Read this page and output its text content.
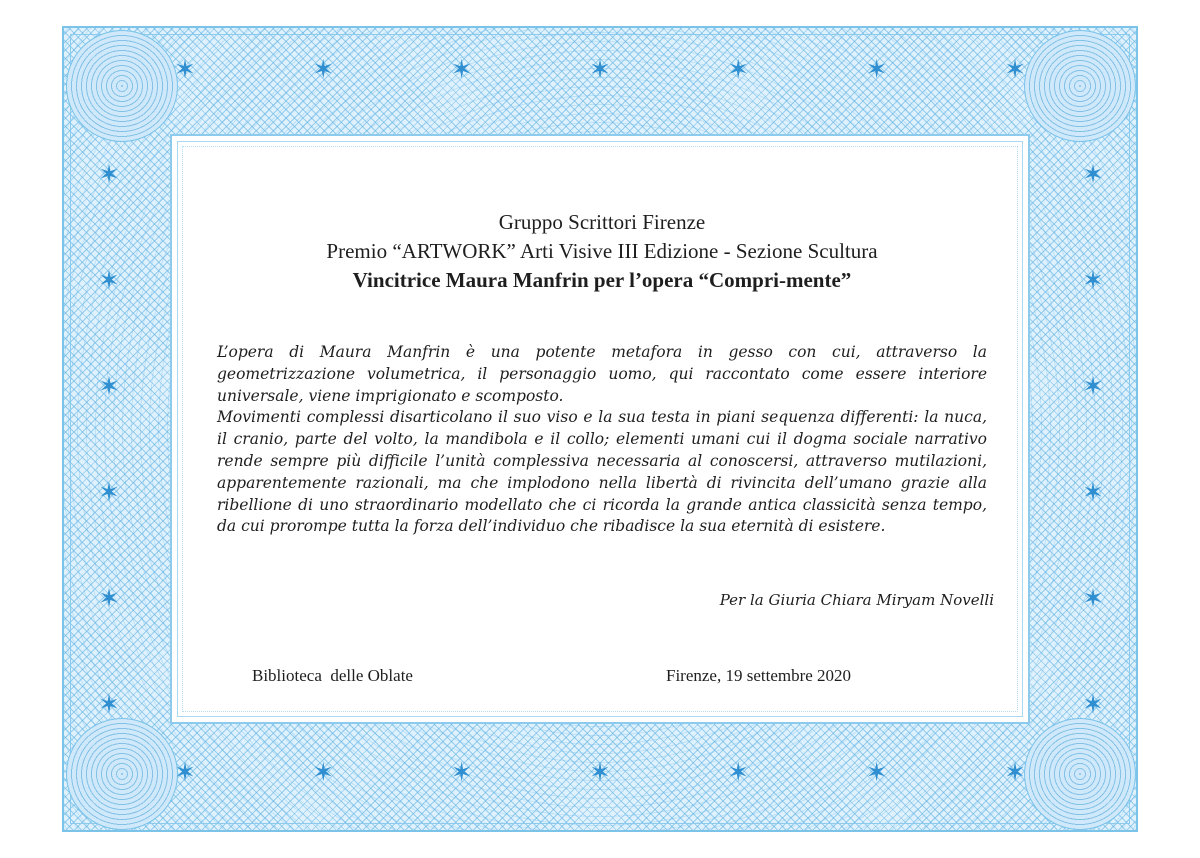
✶	✶	✶	✶	✶	✶	✶
✶	✶	✶	✶	✶	✶	✶
✶
✶
✶
✶
✶
✶
✶
✶
✶
✶
✶
✶
Gruppo Scrittori Firenze
Premio “ARTWORK” Arti Visive III Edizione - Sezione Scultura
Vincitrice Maura Manfrin per l’opera “Compri-mente”

L’opera di Maura Manfrin è una potente metafora in gesso con cui, attraverso la geometrizzazione volumetrica, il personaggio uomo, qui raccontato come essere interiore universale, viene imprigionato e scomposto.

Movimenti complessi disarticolano il suo viso e la sua testa in piani sequenza differenti: la nuca, il cranio, parte del volto, la mandibola e il collo; elementi umani cui il dogma sociale narrativo rende sempre più difficile l’unità complessiva necessaria al conoscersi, attraverso mutilazioni, apparentemente razionali, ma che implodono nella libertà di rivincita dell’umano grazie alla ribellione di uno straordinario modellato che ci ricorda la grande antica classicità senza tempo, da cui prorompe tutta la forza dell’individuo che ribadisce la sua eternità di esistere.

Per la Giuria Chiara Miryam Novelli
Biblioteca  delle Oblate	Firenze, 19 settembre 2020
